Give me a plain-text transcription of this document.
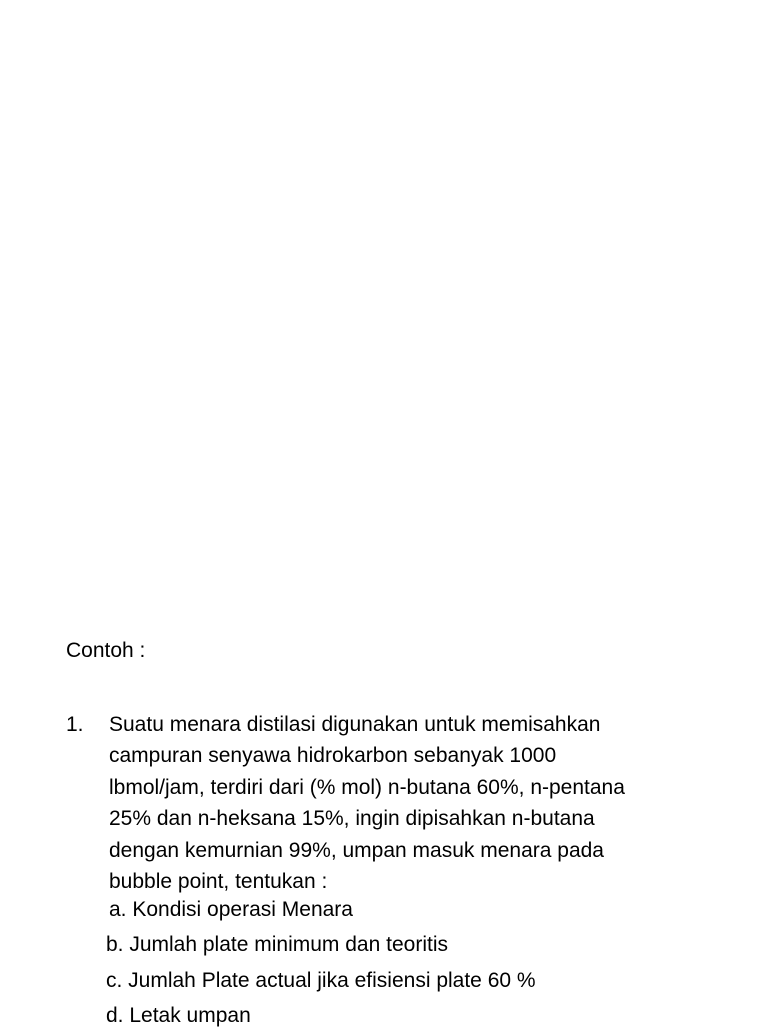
Contoh :
1. Suatu menara distilasi digunakan untuk memisahkan
campuran senyawa hidrokarbon sebanyak 1000
lbmol/jam, terdiri dari (% mol) n-butana 60%, n-pentana
25% dan n-heksana 15%, ingin dipisahkan n-butana
dengan kemurnian 99%, umpan masuk menara pada
bubble point, tentukan :
a. Kondisi operasi Menara
b. Jumlah plate minimum dan teoritis
c. Jumlah Plate actual jika efisiensi plate 60 %
d. Letak umpan
